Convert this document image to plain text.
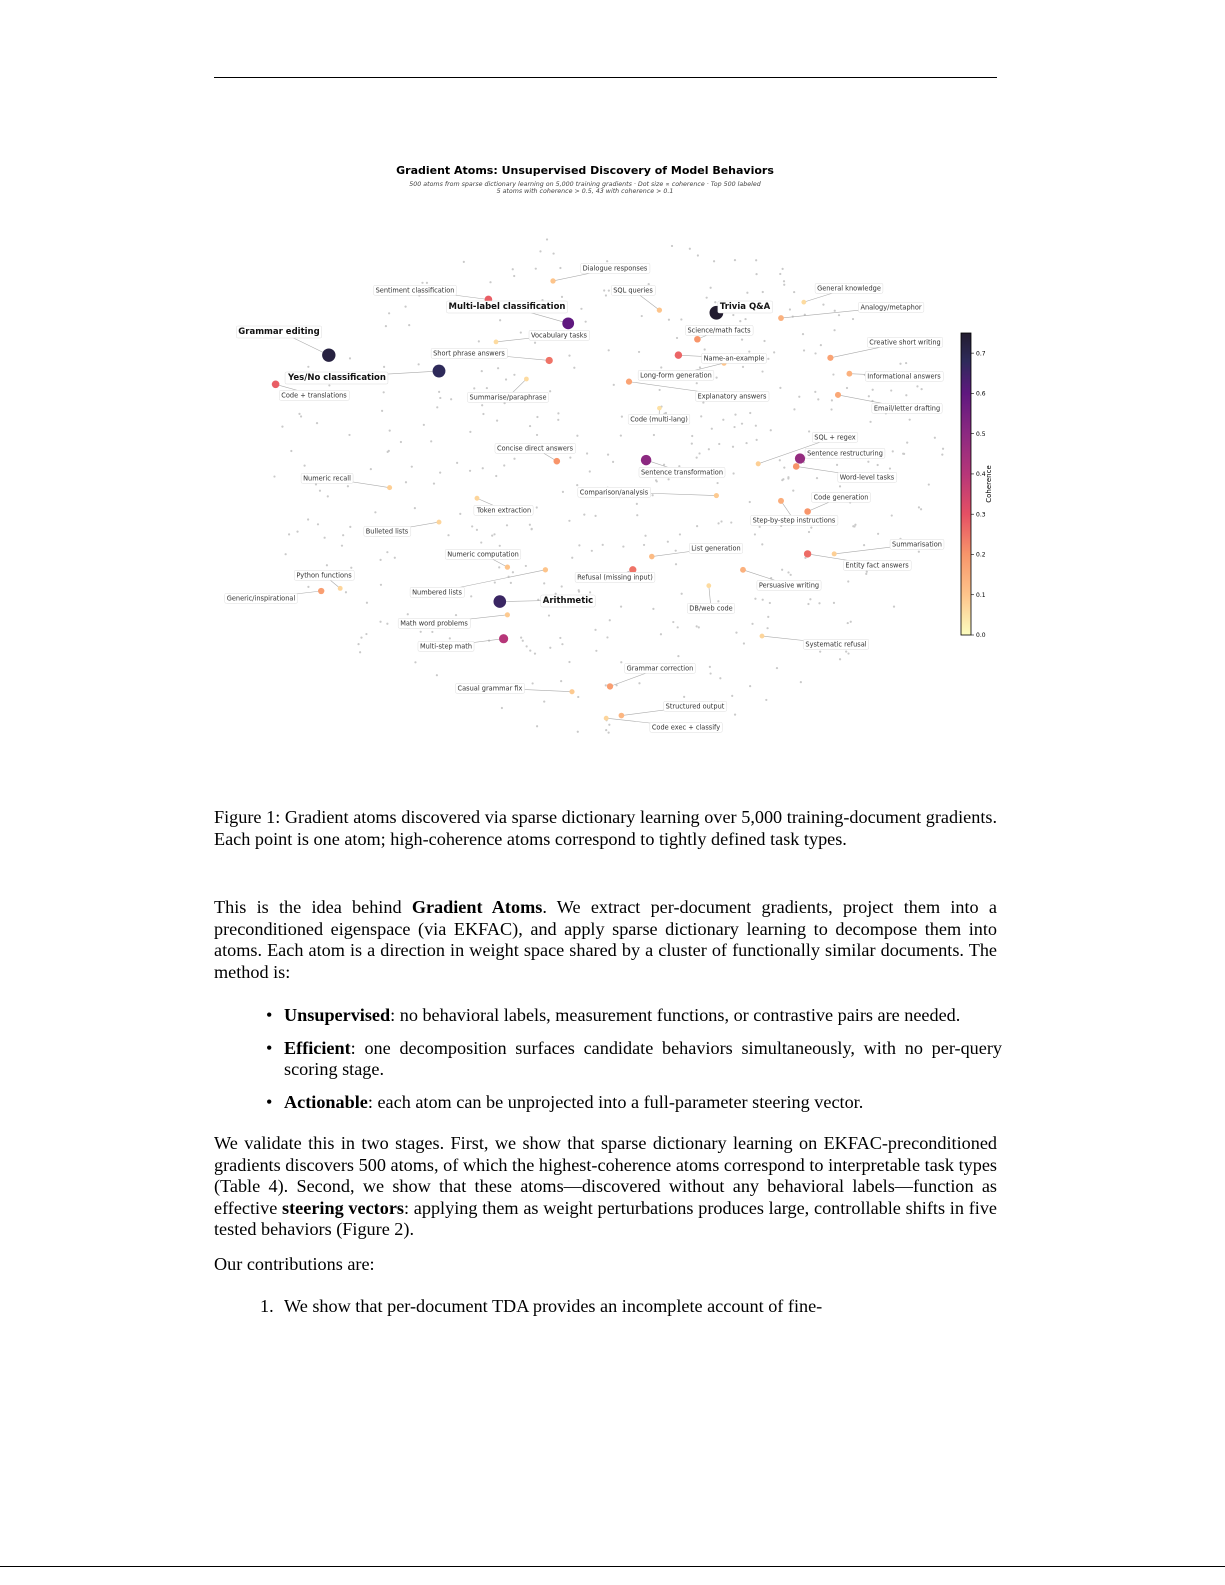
Gradient Atoms: Unsupervised Discovery of Model Behaviors
500 atoms from sparse dictionary learning on 5,000 training gradients · Dot size ∝ coherence · Top 500 labeled
5 atoms with coherence > 0.5, 43 with coherence > 0.1
Trivia Q&A
Grammar editing
Yes/No classification
Arithmetic
Multi-label classification
Sentence transformation
Sentence restructuring
Multi-step math
Sentiment classification
Code + translations
Name-an-example
Short phrase answers
Refusal (missing input)
Entity fact answers
Science/math facts
Word-level tasks
Code generation
Concise direct answers
Generic/inspirational
Creative short writing
Long-form generation
Email/letter drafting
Grammar correction
Step-by-step instructions
Persuasive writing
Informational answers
Analogy/metaphor
Structured output
List generation
Dialogue responses
SQL queries
Numbered lists
Numeric computation
Comparison/analysis
Math word problems
Summarisation
Casual grammar fix
Code exec + classify
Numeric recall
Token extraction
Bulleted lists
Python functions
General knowledge
Vocabulary tasks
Summarise/paraphrase
Code (multi-lang)
Explanatory answers
DB/web code
Systematic refusal
SQL + regex
Coherence
0.0
0.1
0.2
0.3
0.4
0.5
0.6
0.7
Figure 1: Gradient atoms discovered via sparse dictionary learning over 5,000 training-document gradients. Each point is one atom; high-coherence atoms correspond to tightly defined task types.
This is the idea behind Gradient Atoms. We extract per-document gradients, project them into a preconditioned eigenspace (via EKFAC), and apply sparse dictionary learning to decompose them into atoms. Each atom is a direction in weight space shared by a cluster of functionally similar documents. The method is:
• Unsupervised: no behavioral labels, measurement functions, or contrastive pairs are needed.
• Efficient: one decomposition surfaces candidate behaviors simultaneously, with no per-query scoring stage.
• Actionable: each atom can be unprojected into a full-parameter steering vector.
We validate this in two stages. First, we show that sparse dictionary learning on EKFAC-preconditioned gradients discovers 500 atoms, of which the highest-coherence atoms correspond to interpretable task types (Table 4). Second, we show that these atoms—discovered without any behavioral labels—function as effective steering vectors: applying them as weight perturbations produces large, controllable shifts in five tested behaviors (Figure 2).
Our contributions are:
1. We show that per-document TDA provides an incomplete account of fine-
